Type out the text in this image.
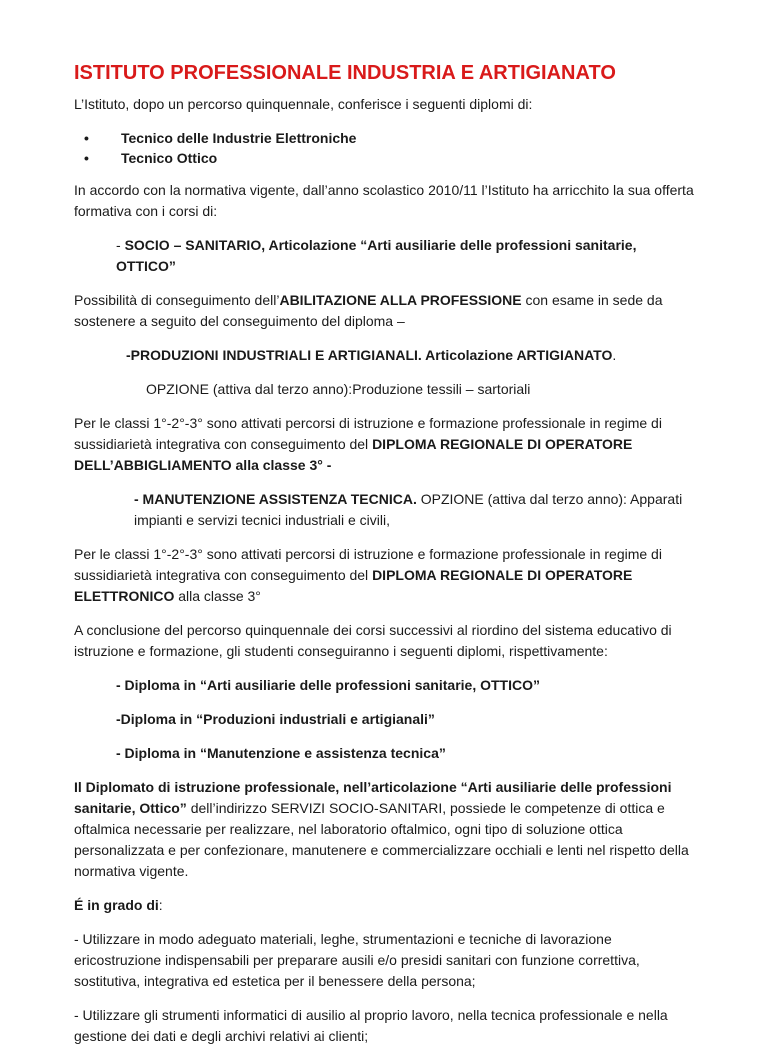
ISTITUTO PROFESSIONALE INDUSTRIA E ARTIGIANATO

L’Istituto, dopo un percorso quinquennale, conferisce i seguenti diplomi di:

• Tecnico delle Industrie Elettroniche
• Tecnico Ottico

In accordo con la normativa vigente, dall’anno scolastico 2010/11 l’Istituto ha arricchito la sua offerta formativa con i corsi di:

- SOCIO – SANITARIO, Articolazione “Arti ausiliarie delle professioni sanitarie, OTTICO”

Possibilità di conseguimento dell’ABILITAZIONE ALLA PROFESSIONE con esame in sede da sostenere a seguito del conseguimento del diploma –

-PRODUZIONI INDUSTRIALI E ARTIGIANALI. Articolazione ARTIGIANATO.

OPZIONE (attiva dal terzo anno):Produzione tessili – sartoriali

Per le classi 1°-2°-3° sono attivati percorsi di istruzione e formazione professionale in regime di sussidiarietà integrativa con conseguimento del DIPLOMA REGIONALE DI OPERATORE DELL’ABBIGLIAMENTO alla classe 3° -

- MANUTENZIONE ASSISTENZA TECNICA. OPZIONE (attiva dal terzo anno): Apparati impianti e servizi tecnici industriali e civili,

Per le classi 1°-2°-3° sono attivati percorsi di istruzione e formazione professionale in regime di sussidiarietà integrativa con conseguimento del DIPLOMA REGIONALE DI OPERATORE ELETTRONICO alla classe 3°

A conclusione del percorso quinquennale dei corsi successivi al riordino del sistema educativo di istruzione e formazione, gli studenti conseguiranno i seguenti diplomi, rispettivamente:

- Diploma in “Arti ausiliarie delle professioni sanitarie, OTTICO”

-Diploma in “Produzioni industriali e artigianali”

- Diploma in “Manutenzione e assistenza tecnica”

Il Diplomato di istruzione professionale, nell’articolazione “Arti ausiliarie delle professioni sanitarie, Ottico” dell’indirizzo SERVIZI SOCIO-SANITARI, possiede le competenze di ottica e oftalmica necessarie per realizzare, nel laboratorio oftalmico, ogni tipo di soluzione ottica personalizzata e per confezionare, manutenere e commercializzare occhiali e lenti nel rispetto della normativa vigente.

É in grado di:

- Utilizzare in modo adeguato materiali, leghe, strumentazioni e tecniche di lavorazione ericostruzione indispensabili per preparare ausili e/o presidi sanitari con funzione correttiva, sostitutiva, integrativa ed estetica per il benessere della persona;

- Utilizzare gli strumenti informatici di ausilio al proprio lavoro, nella tecnica professionale e nella gestione dei dati e degli archivi relativi ai clienti;
